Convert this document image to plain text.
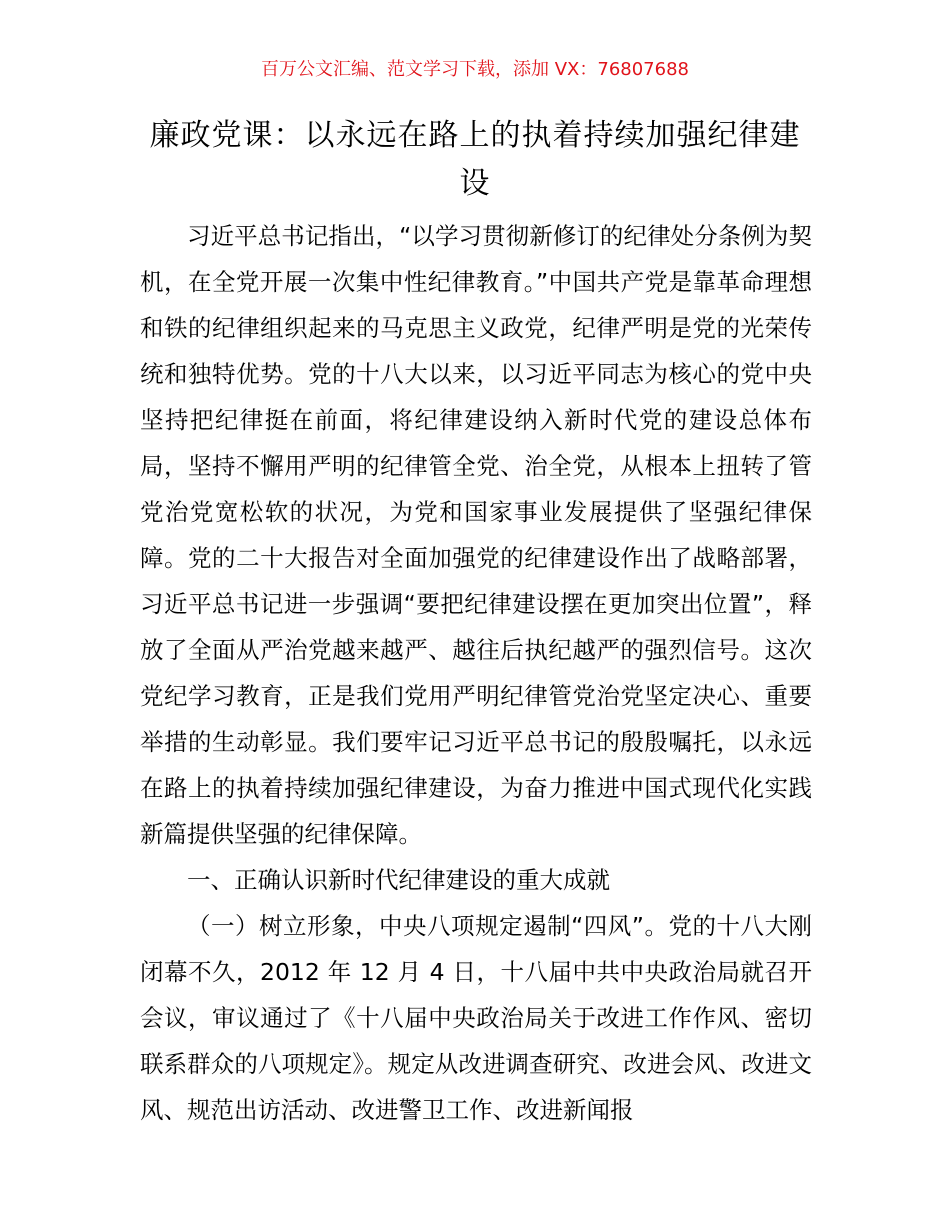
百万公文汇编、范文学习下载，添加 VX：76807688
廉政党课：以永远在路上的执着持续加强纪律建设

习近平总书记指出，“以学习贯彻新修订的纪律处分条例为契机，在全党开展一次集中性纪律教育。”中国共产党是靠革命理想和铁的纪律组织起来的马克思主义政党，纪律严明是党的光荣传统和独特优势。党的十八大以来，以习近平同志为核心的党中央坚持把纪律挺在前面，将纪律建设纳入新时代党的建设总体布局，坚持不懈用严明的纪律管全党、治全党，从根本上扭转了管党治党宽松软的状况，为党和国家事业发展提供了坚强纪律保障。党的二十大报告对全面加强党的纪律建设作出了战略部署，习近平总书记进一步强调“要把纪律建设摆在更加突出位置”，释放了全面从严治党越来越严、越往后执纪越严的强烈信号。这次党纪学习教育，正是我们党用严明纪律管党治党坚定决心、重要举措的生动彰显。我们要牢记习近平总书记的殷殷嘱托，以永远在路上的执着持续加强纪律建设，为奋力推进中国式现代化实践新篇提供坚强的纪律保障。

一、正确认识新时代纪律建设的重大成就

（一）树立形象，中央八项规定遏制“四风”。党的十八大刚闭幕不久，2012 年 12 月 4 日，十八届中共中央政治局就召开会议，审议通过了《十八届中央政治局关于改进工作作风、密切联系群众的八项规定》。规定从改进调查研究、改进会风、改进文风、规范出访活动、改进警卫工作、改进新闻报
